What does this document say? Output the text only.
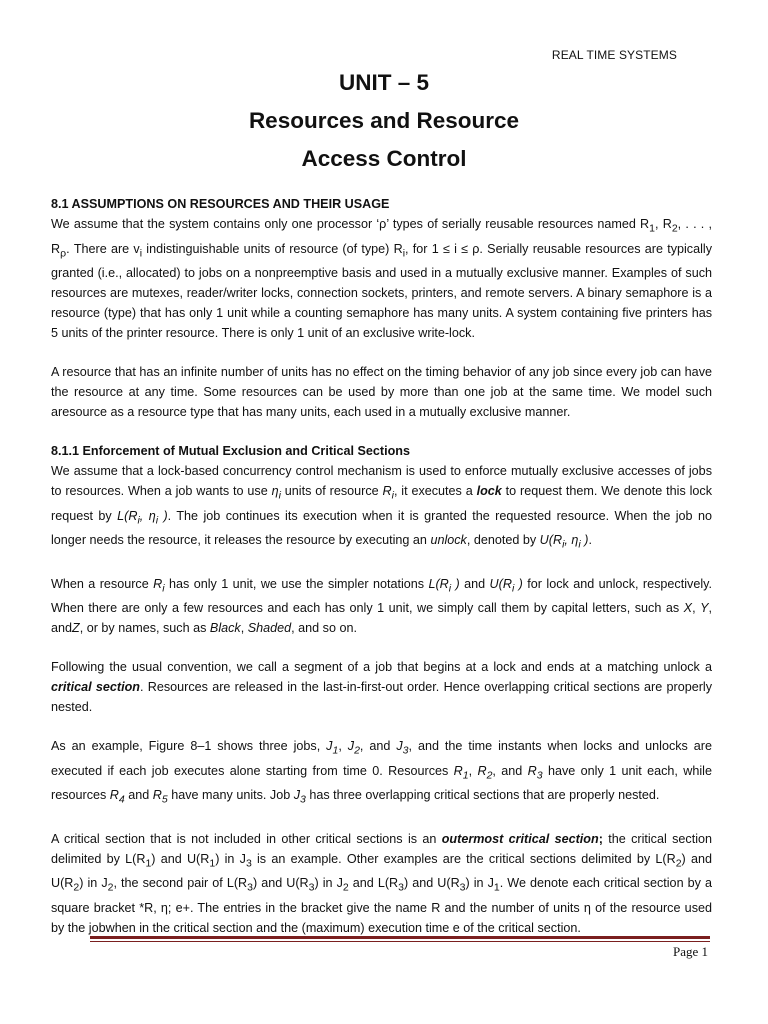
REAL TIME SYSTEMS
UNIT – 5
Resources and Resource
Access Control
8.1 ASSUMPTIONS ON RESOURCES AND THEIR USAGE

We assume that the system contains only one processor ‘ρ’ types of serially reusable resources named $R_1$, $R_2$, . . . , $R_\rho$. There are $v_i$ indistinguishable units of resource (of type) $R_i$, for 1 ≤ i ≤ ρ. Serially reusable resources are typically granted (i.e., allocated) to jobs on a nonpreemptive basis and used in a mutually exclusive manner. Examples of such resources are mutexes, reader/writer locks, connection sockets, printers, and remote servers. A binary semaphore is a resource (type) that has only 1 unit while a counting semaphore has many units. A system containing five printers has 5 units of the printer resource. There is only 1 unit of an exclusive write-lock.

A resource that has an infinite number of units has no effect on the timing behavior of any job since every job can have the resource at any time. Some resources can be used by more than one job at the same time. We model such aresource as a resource type that has many units, each used in a mutually exclusive manner.

8.1.1 Enforcement of Mutual Exclusion and Critical Sections

We assume that a lock-based concurrency control mechanism is used to enforce mutually exclusive accesses of jobs to resources. When a job wants to use $\eta_i$ units of resource $R_i$, it executes a lock to request them. We denote this lock request by $L(R_i$, $\eta_i$ ). The job continues its execution when it is granted the requested resource. When the job no longer needs the resource, it releases the resource by executing an unlock, denoted by $U(R_i$, $\eta_i$ ).

When a resource $R_i$ has only 1 unit, we use the simpler notations $L(R_i$ ) and $U(R_i$ ) for lock and unlock, respectively. When there are only a few resources and each has only 1 unit, we simply call them by capital letters, such as X, Y, andZ, or by names, such as Black, Shaded, and so on.

Following the usual convention, we call a segment of a job that begins at a lock and ends at a matching unlock a critical section. Resources are released in the last-in-first-out order. Hence overlapping critical sections are properly nested.

As an example, Figure 8–1 shows three jobs, $J_1$, $J_2$, and $J_3$, and the time instants when locks and unlocks are executed if each job executes alone starting from time 0. Resources $R_1$, $R_2$, and $R_3$ have only 1 unit each, while resources $R_4$ and $R_5$ have many units. Job $J_3$ has three overlapping critical sections that are properly nested.

A critical section that is not included in other critical sections is an outermost critical section; the critical section delimited by $L(R_1)$ and $U(R_1)$ in $J_3$ is an example. Other examples are the critical sections delimited by $L(R_2)$ and $U(R_2)$ in $J_2$, the second pair of $L(R_3)$ and $U(R_3)$ in $J_2$ and $L(R_3)$ and $U(R_3)$ in $J_1$. We denote each critical section by a square bracket *R, η; e+. The entries in the bracket give the name R and the number of units η of the resource used by the jobwhen in the critical section and the (maximum) execution time e of the critical section.

Page 1
